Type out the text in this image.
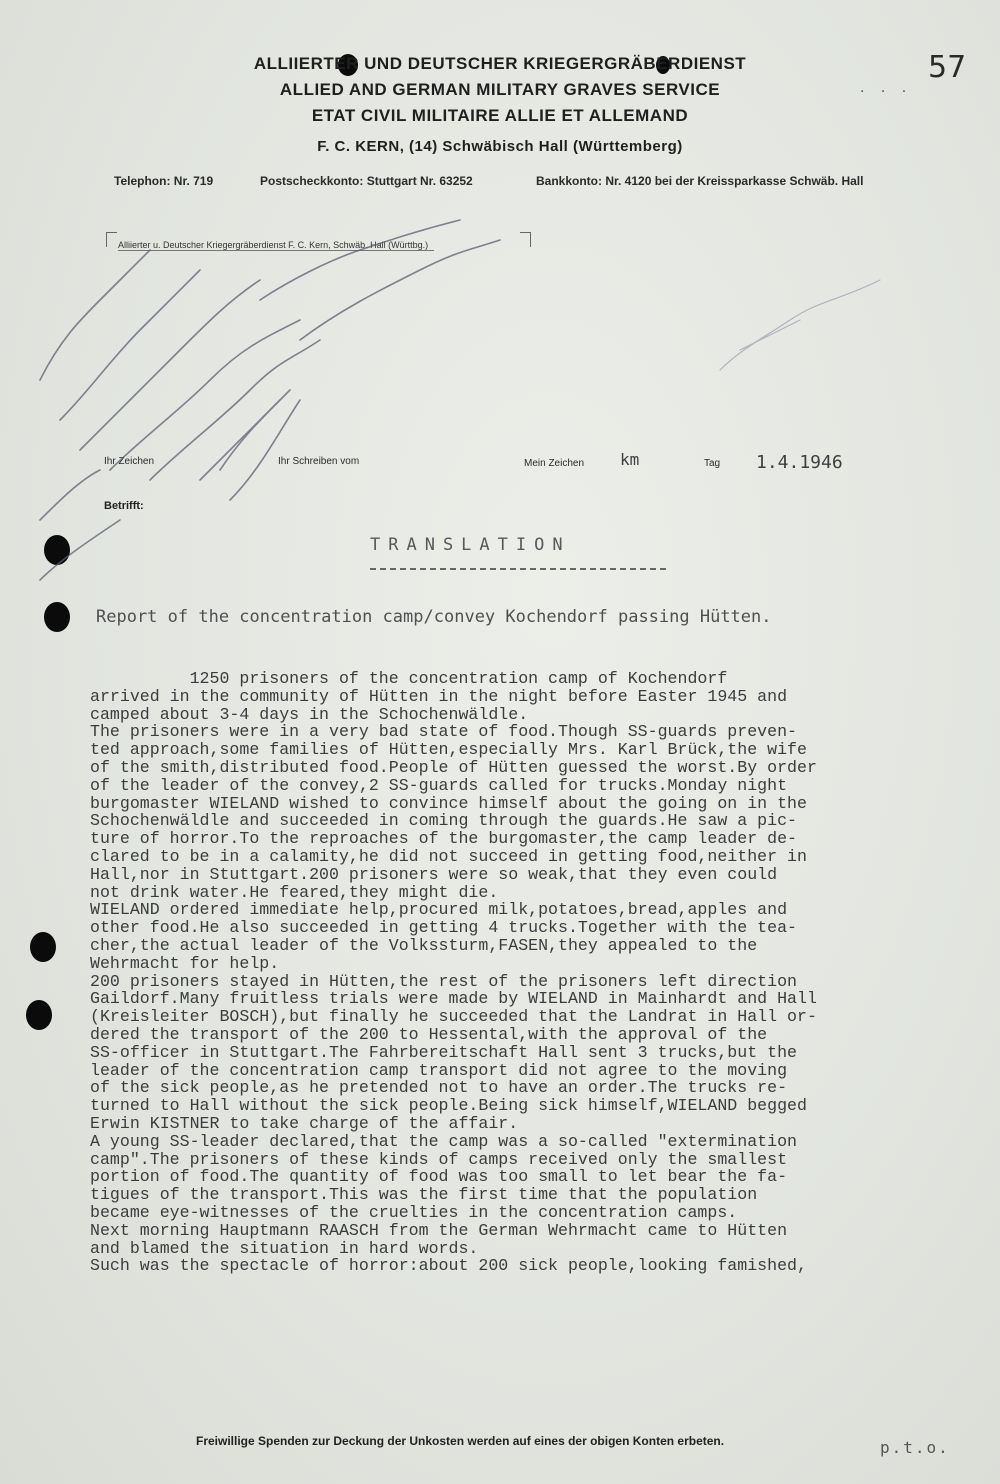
57
· · ·
ALLIIERTER UND DEUTSCHER KRIEGERGRÄBERDIENST
ALLIED AND GERMAN MILITARY GRAVES SERVICE
ETAT CIVIL MILITAIRE ALLIE ET ALLEMAND
F. C. KERN, (14) Schwäbisch Hall (Württemberg)
Telephon: Nr. 719	Postscheckkonto: Stuttgart Nr. 63252	Bankkonto: Nr. 4120 bei der Kreissparkasse Schwäb. Hall
Alliierter u. Deutscher Kriegergräberdienst F. C. Kern, Schwäb. Hall (Württbg.)
Ihr Zeichen	Ihr Schreiben vom	Mein Zeichen km	Tag 1.4.1946
Betrifft:
TRANSLATION
Report of the concentration camp/convey Kochendorf passing Hütten.
1250 prisoners of the concentration camp of Kochendorf
arrived in the community of Hütten in the night before Easter 1945 and
camped about 3-4 days in the Schochenwäldle.
The prisoners were in a very bad state of food.Though SS-guards preven-
ted approach,some families of Hütten,especially Mrs. Karl Brück,the wife
of the smith,distributed food.People of Hütten guessed the worst.By order
of the leader of the convey,2 SS-guards called for trucks.Monday night
burgomaster WIELAND wished to convince himself about the going on in the
Schochenwäldle and succeeded in coming through the guards.He saw a pic-
ture of horror.To the reproaches of the burgomaster,the camp leader de-
clared to be in a calamity,he did not succeed in getting food,neither in
Hall,nor in Stuttgart.200 prisoners were so weak,that they even could
not drink water.He feared,they might die.
WIELAND ordered immediate help,procured milk,potatoes,bread,apples and
other food.He also succeeded in getting 4 trucks.Together with the tea-
cher,the actual leader of the Volkssturm,FASEN,they appealed to the
Wehrmacht for help.
200 prisoners stayed in Hütten,the rest of the prisoners left direction
Gaildorf.Many fruitless trials were made by WIELAND in Mainhardt and Hall
(Kreisleiter BOSCH),but finally he succeeded that the Landrat in Hall or-
dered the transport of the 200 to Hessental,with the approval of the
SS-officer in Stuttgart.The Fahrbereitschaft Hall sent 3 trucks,but the
leader of the concentration camp transport did not agree to the moving
of the sick people,as he pretended not to have an order.The trucks re-
turned to Hall without the sick people.Being sick himself,WIELAND begged
Erwin KISTNER to take charge of the affair.
A young SS-leader declared,that the camp was a so-called "extermination
camp".The prisoners of these kinds of camps received only the smallest
portion of food.The quantity of food was too small to let bear the fa-
tigues of the transport.This was the first time that the population
became eye-witnesses of the cruelties in the concentration camps.
Next morning Hauptmann RAASCH from the German Wehrmacht came to Hütten
and blamed the situation in hard words.
Such was the spectacle of horror:about 200 sick people,looking famished,
Freiwillige Spenden zur Deckung der Unkosten werden auf eines der obigen Konten erbeten.	p.t.o.
